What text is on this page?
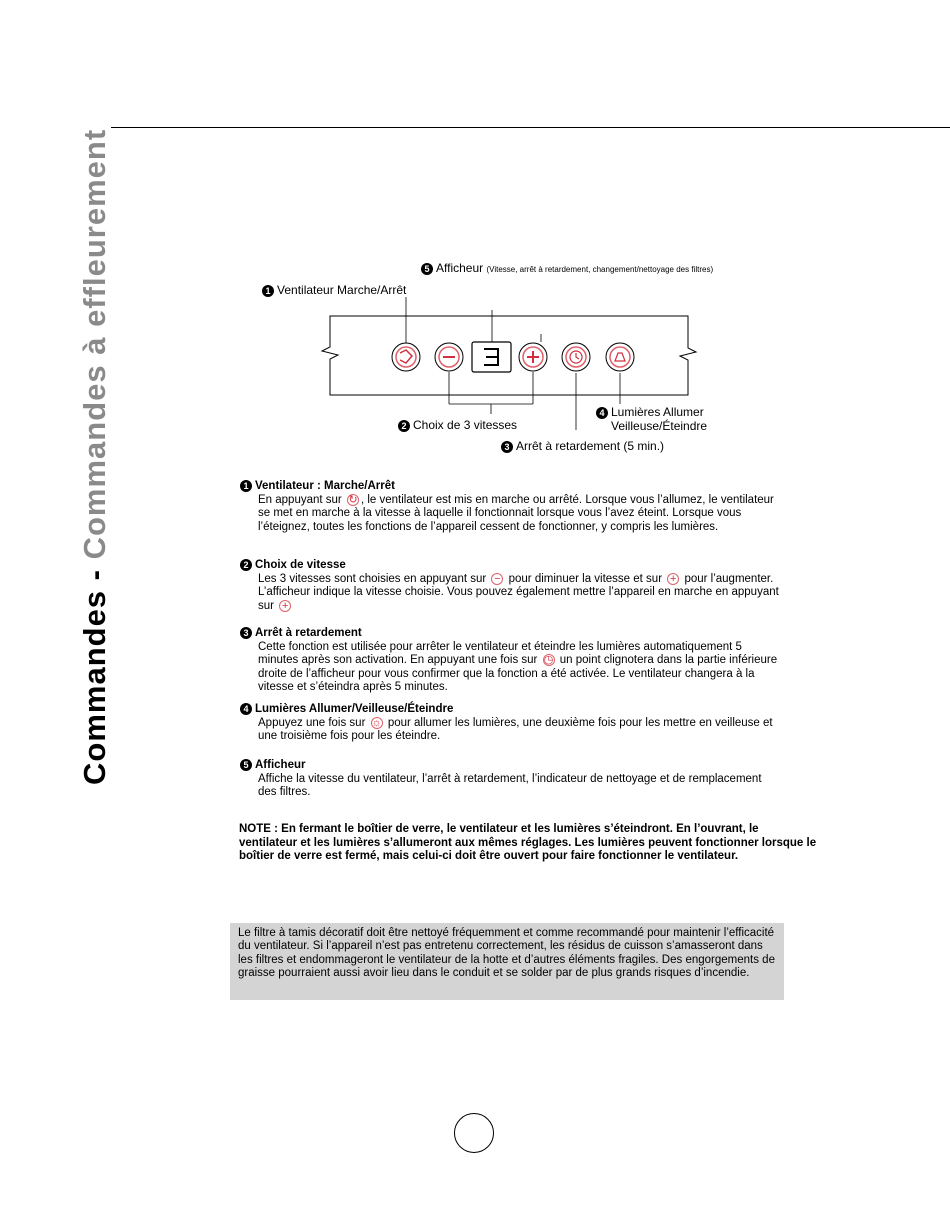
Commandes - Commandes à effleurement	5 Afficheur (Vitesse, arrêt à retardement, changement/nettoyage des filtres)
1 Ventilateur Marche/Arrêt
2 Choix de 3 vitesses
4 Lumières Allumer
Veilleuse/Éteindre
3 Arrêt à retardement (5 min.)
1 Ventilateur : Marche/Arrêt
En appuyant sur ↻ , le ventilateur est mis en marche ou arrêté. Lorsque vous l’allumez, le ventilateur se met en marche à la vitesse à laquelle il fonctionnait lorsque vous l’avez éteint. Lorsque vous l’éteignez, toutes les fonctions de l’appareil cessent de fonctionner, y compris les lumières.
2 Choix de vitesse
Les 3 vitesses sont choisies en appuyant sur − pour diminuer la vitesse et sur + pour l’augmenter. L’afficheur indique la vitesse choisie. Vous pouvez également mettre l’appareil en marche en appuyant sur +
3 Arrêt à retardement
Cette fonction est utilisée pour arrêter le ventilateur et éteindre les lumières automatiquement 5 minutes après son activation. En appuyant une fois sur ◷ un point clignotera dans la partie inférieure droite de l’afficheur pour vous confirmer que la fonction a été activée. Le ventilateur changera à la vitesse et s’éteindra après 5 minutes.
4 Lumières Allumer/Veilleuse/Éteindre
Appuyez une fois sur ☼ pour allumer les lumières, une deuxième fois pour les mettre en veilleuse et une troisième fois pour les éteindre.
5 Afficheur
Affiche la vitesse du ventilateur, l’arrêt à retardement, l’indicateur de nettoyage et de remplacement des filtres.
NOTE : En fermant le boîtier de verre, le ventilateur et les lumières s’éteindront. En l’ouvrant, le ventilateur et les lumières s’allumeront aux mêmes réglages. Les lumières peuvent fonctionner lorsque le boîtier de verre est fermé, mais celui-ci doit être ouvert pour faire fonctionner le ventilateur.
Le filtre à tamis décoratif doit être nettoyé fréquemment et comme recommandé pour maintenir l’efficacité du ventilateur. Si l’appareil n’est pas entretenu correctement, les résidus de cuisson s’amasseront dans les filtres et endommageront le ventilateur de la hotte et d’autres éléments fragiles. Des engorgements de graisse pourraient aussi avoir lieu dans le conduit et se solder par de plus grands risques d’incendie.
